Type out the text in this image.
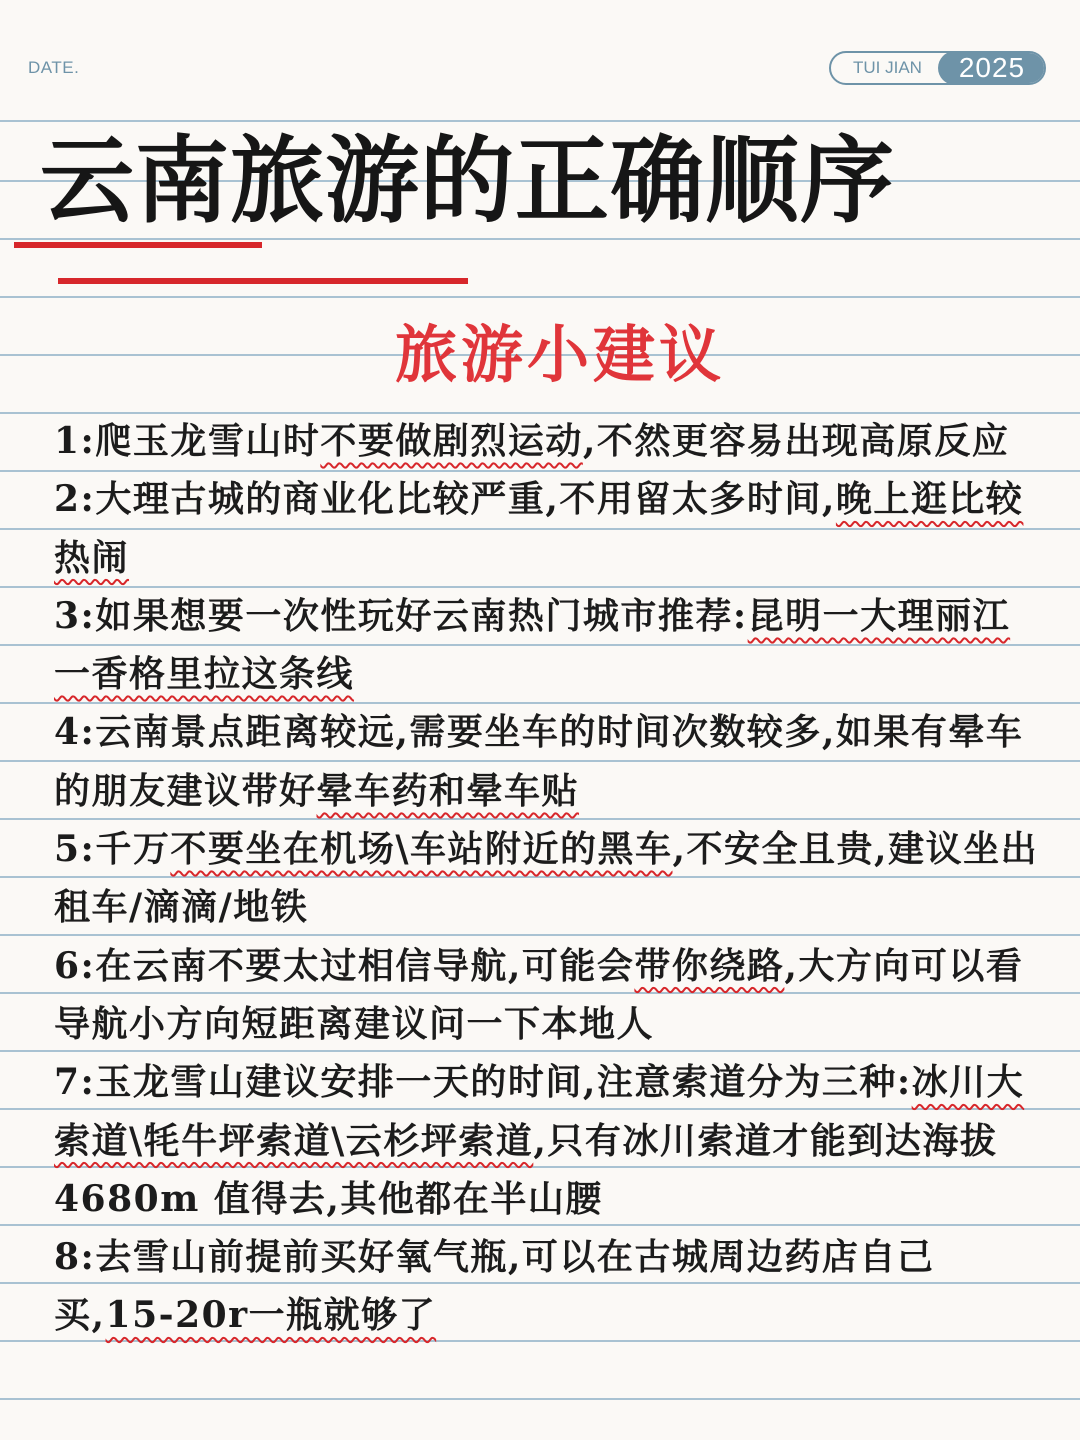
DATE.	TUI JIAN	2025
云南旅游的正确顺序
旅游小建议
1:爬玉龙雪山时不要做剧烈运动,不然更容易出现高原反应
2:大理古城的商业化比较严重,不用留太多时间,晚上逛比较热闹
3:如果想要一次性玩好云南热门城市推荐:昆明一大理丽江一香格里拉这条线
4:云南景点距离较远,需要坐车的时间次数较多,如果有晕车的朋友建议带好晕车药和晕车贴
5:千万不要坐在机场\车站附近的黑车,不安全且贵,建议坐出租车/滴滴/地铁
6:在云南不要太过相信导航,可能会带你绕路,大方向可以看导航小方向短距离建议问一下本地人
7:玉龙雪山建议安排一天的时间,注意索道分为三种:冰川大索道\牦牛坪索道\云杉坪索道,只有冰川索道才能到达海拔4680m 值得去,其他都在半山腰
8:去雪山前提前买好氧气瓶,可以在古城周边药店自己买,15-20r一瓶就够了
